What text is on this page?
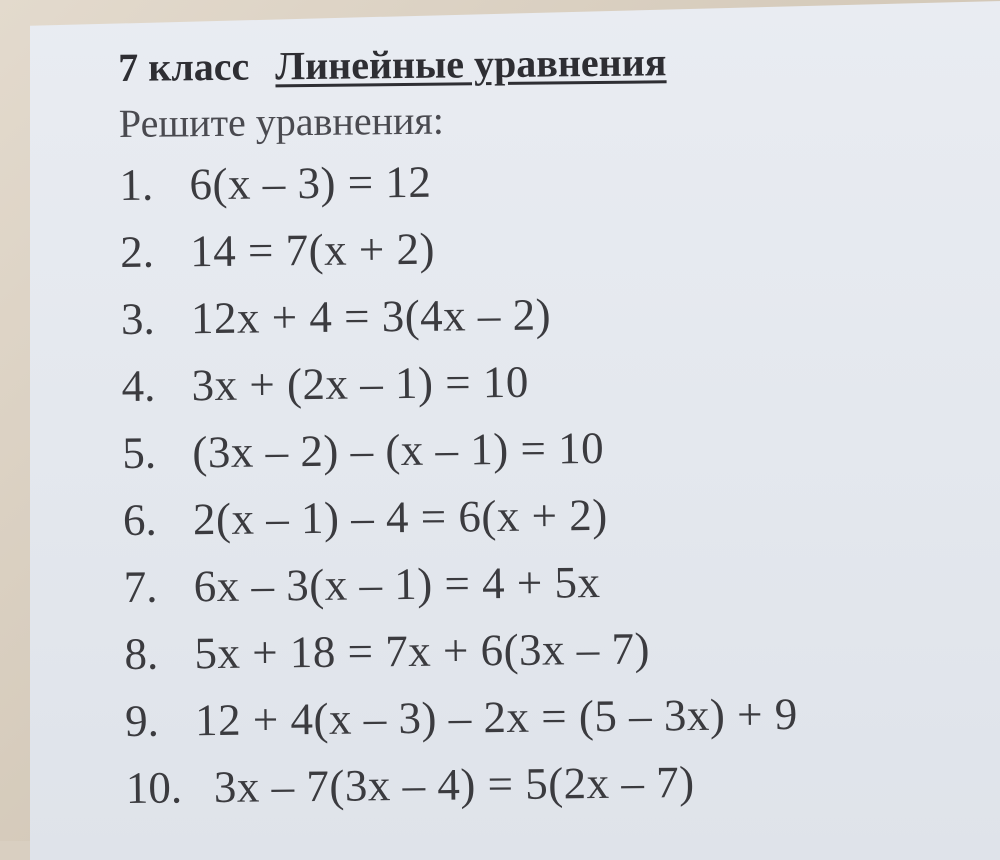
7 класс Линейные уравнения
Решите уравнения:
1. 6(x – 3) = 12
2. 14 = 7(x + 2)
3. 12x + 4 = 3(4x – 2)
4. 3x + (2x – 1) = 10
5. (3x – 2) – (x – 1) = 10
6. 2(x – 1) – 4 = 6(x + 2)
7. 6x – 3(x – 1) = 4 + 5x
8. 5x + 18 = 7x + 6(3x – 7)
9. 12 + 4(x – 3) – 2x = (5 – 3x) + 9
10. 3x – 7(3x – 4) = 5(2x – 7)
